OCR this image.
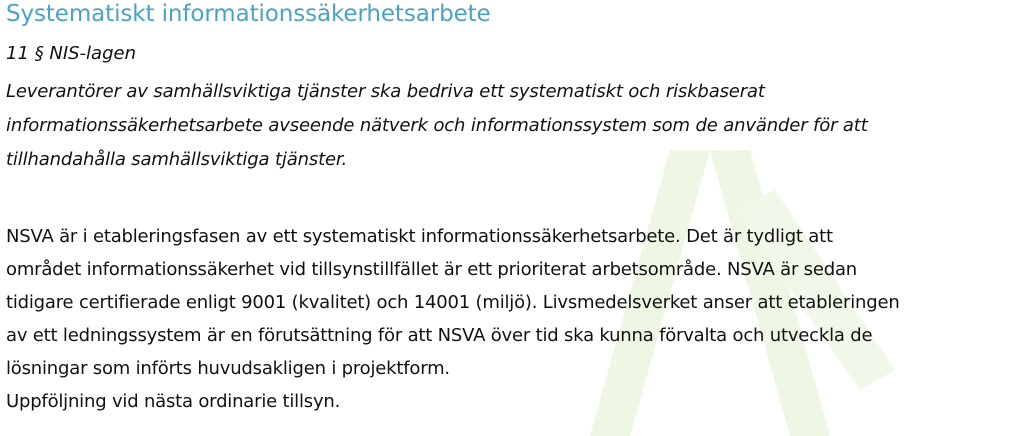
Systematiskt informationssäkerhetsarbete
11 § NIS-lagen
Leverantörer av samhällsviktiga tjänster ska bedriva ett systematiskt och riskbaserat
informationssäkerhetsarbete avseende nätverk och informationssystem som de använder för att
tillhandahålla samhällsviktiga tjänster.
NSVA är i etableringsfasen av ett systematiskt informationssäkerhetsarbete. Det är tydligt att
området informationssäkerhet vid tillsynstillfället är ett prioriterat arbetsområde. NSVA är sedan
tidigare certifierade enligt 9001 (kvalitet) och 14001 (miljö). Livsmedelsverket anser att etableringen
av ett ledningssystem är en förutsättning för att NSVA över tid ska kunna förvalta och utveckla de
lösningar som införts huvudsakligen i projektform.
Uppföljning vid nästa ordinarie tillsyn.
